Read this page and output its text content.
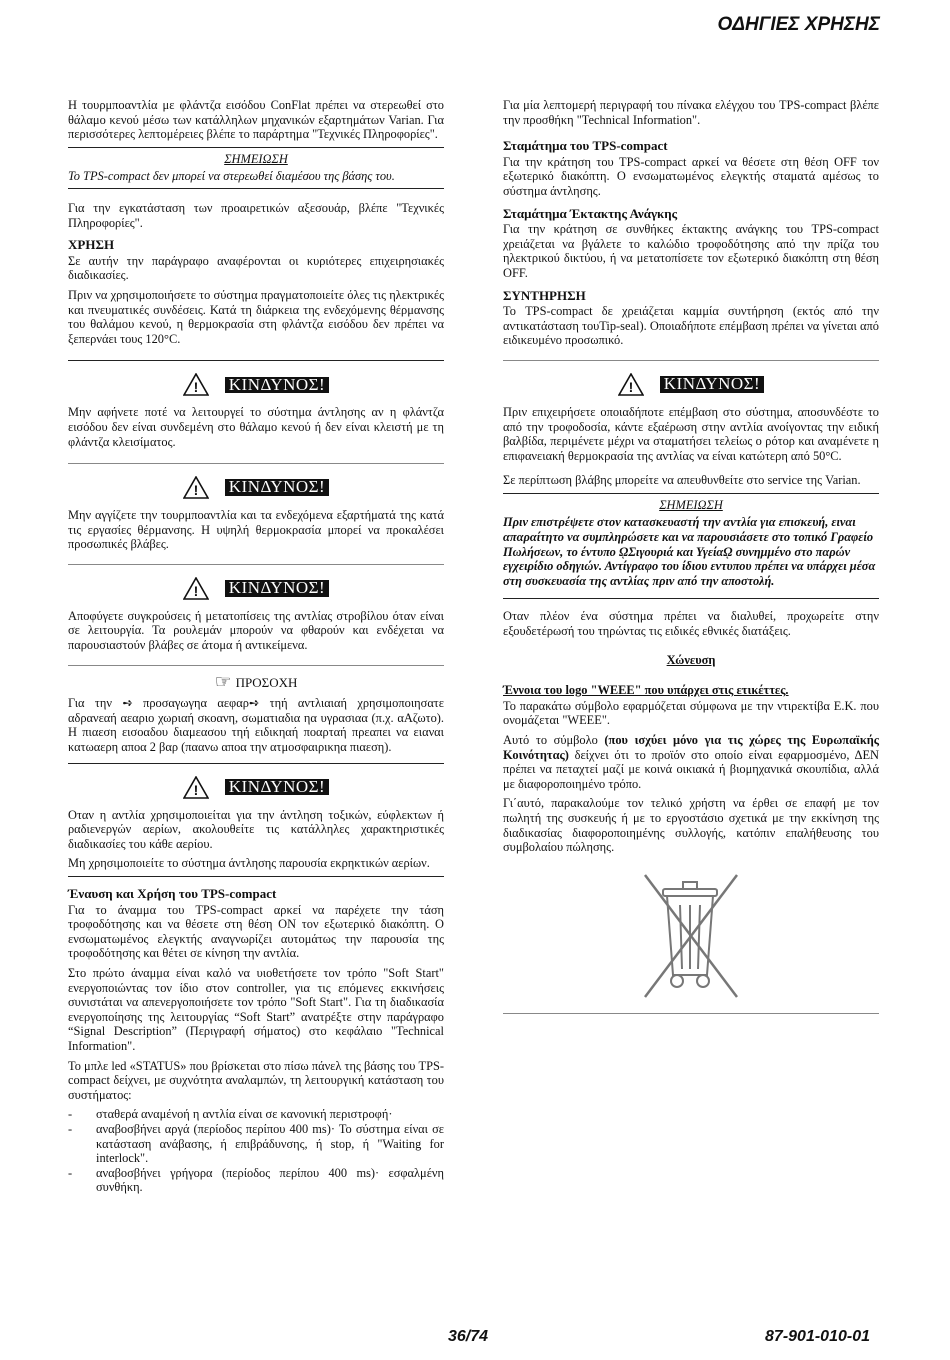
ΟΔΗΓΙΕΣ ΧΡΗΣΗΣ

Η τουρμποαντλία με φλάντζα εισόδου ConFlat πρέπει να στερεωθεί στο θάλαμο κενού μέσω των κατάλληλων μηχανικών εξαρτημάτων Varian. Για περισσότερες λεπτομέρειες βλέπε το παράρτημα "Τεχνικές Πληροφορίες".

ΣΗΜΕΙΩΣΗ
Το TPS-compact δεν μπορεί να στερεωθεί διαμέσου της βάσης του.

Για την εγκατάσταση των προαιρετικών αξεσουάρ, βλέπε "Τεχνικές Πληροφορίες".

ΧΡΗΣΗ

Σε αυτήν την παράγραφο αναφέρονται οι κυριότερες επιχειρησιακές διαδικασίες.

Πριν να χρησιμοποιήσετε το σύστημα πραγματοποιείτε όλες τις ηλεκτρικές και πνευματικές συνδέσεις. Κατά τη διάρκεια της ενδεχόμενης θέρμανσης του θαλάμου κενού, η θερμοκρασία στη φλάντζα εισόδου δεν πρέπει να ξεπερνάει τους 120°C.

! ΚΙΝΔΥΝΟΣ!

Μην αφήνετε ποτέ να λειτουργεί το σύστημα άντλησης αν η φλάντζα εισόδου δεν είναι συνδεμένη στο θάλαμο κενού ή δεν είναι κλειστή με τη φλάντζα κλεισίματος.

! ΚΙΝΔΥΝΟΣ!

Μην αγγίζετε την τουρμποαντλία και τα ενδεχόμενα εξαρτήματά της κατά τις εργασίες θέρμανσης. Η υψηλή θερμοκρασία μπορεί να προκαλέσει προσωπικές βλάβες.

! ΚΙΝΔΥΝΟΣ!

Αποφύγετε συγκρούσεις ή μετατοπίσεις της αντλίας στροβίλου όταν είναι σε λειτουργία. Τα ρουλεμάν μπορούν να φθαρούν και ενδέχεται να παρουσιαστούν βλάβες σε άτομα ή αντικείμενα.

☞ ΠΡΟΣΟΧΗ

Για την ➺ προσαγωγηα αεφαρ➺ τηή αντλιαιαή χρησιμοποιησατε αδρανεαή αεαριο χωριαή σκοανη, σωματιαδια ηα υγρασιαα (π.χ. αΑζωτο). Η πιαεση εισοαδου διαμεασου τηή ειδικηαή ποαρταή πρεαπει να ειαναι κατωαερη αποα 2 βαρ (παανω αποα την ατμοσφαιρικηα πιαεση).

! ΚΙΝΔΥΝΟΣ!

Οταν η αντλία χρησιμοποιείται για την άντληση τοξικών, εύφλεκτων ή ραδιενεργών αερίων, ακολουθείτε τις κατάλληλες χαρακτηριστικές διαδικασίες του κάθε αερίου.

Μη χρησιμοποιείτε το σύστημα άντλησης παρουσία εκρηκτικών αερίων.

Έναυση και Χρήση του TPS-compact

Για το άναμμα του TPS-compact αρκεί να παρέχετε την τάση τροφοδότησης και να θέσετε στη θέση ON τον εξωτερικό διακόπτη. Ο ενσωματωμένος ελεγκτής αναγνωρίζει αυτομάτως την παρουσία της τροφοδότησης και θέτει σε κίνηση την αντλία.

Στο πρώτο άναμμα είναι καλό να υιοθετήσετε τον τρόπο "Soft Start" ενεργοποιώντας τον ίδιο στον controller, για τις επόμενες εκκινήσεις συνιστάται να απενεργοποιήσετε τον τρόπο "Soft Start". Για τη διαδικασία ενεργοποίησης της λειτουργίας “Soft Start” ανατρέξτε στην παράγραφο “Signal Description” (Περιγραφή σήματος) στο κεφάλαιο "Technical Information".

Το μπλε led «STATUS» που βρίσκεται στο πίσω πάνελ της βάσης του TPS-compact δείχνει, με συχνότητα αναλαμπών, τη λειτουργική κατάσταση του συστήματος:

- σταθερά αναμένοή η αντλία είναι σε κανονική περιστροφή·
- αναβοσβήνει αργά (περίοδος περίπου 400 ms)· Το σύστημα είναι σε κατάσταση ανάβασης, ή επιβράδυνσης, ή stop, ή "Waiting for interlock".
- αναβοσβήνει γρήγορα (περίοδος περίπου 400 ms)· εσφαλμένη συνθήκη.

Για μία λεπτομερή περιγραφή του πίνακα ελέγχου του TPS-compact βλέπε την προσθήκη "Technical Information".

Σταμάτημα του TPS-compact

Για την κράτηση του TPS-compact αρκεί να θέσετε στη θέση OFF τον εξωτερικό διακόπτη. Ο ενσωματωμένος ελεγκτής σταματά αμέσως το σύστημα άντλησης.

Σταμάτημα Έκτακτης Ανάγκης

Για την κράτηση σε συνθήκες έκτακτης ανάγκης του TPS-compact χρειάζεται να βγάλετε το καλώδιο τροφοδότησης από την πρίζα του ηλεκτρικού δικτύου, ή να μετατοπίσετε τον εξωτερικό διακόπτη στη θέση OFF.

ΣΥΝΤΗΡΗΣΗ

Το TPS-compact δε χρειάζεται καμμία συντήρηση (εκτός από την αντικατάσταση τουTip-seal). Οποιαδήποτε επέμβαση πρέπει να γίνεται από ειδικευμένο προσωπικό.

! ΚΙΝΔΥΝΟΣ!

Πριν επιχειρήσετε οποιαδήποτε επέμβαση στο σύστημα, αποσυνδέστε το από την τροφοδοσία, κάντε εξαέρωση στην αντλία ανοίγοντας την ειδική βαλβίδα, περιμένετε μέχρι να σταματήσει τελείως ο ρότορ και αναμένετε η επιφανειακή θερμοκρασία της αντλίας να είναι κατώτερη από 50°C.

Σε περίπτωση βλάβης μπορείτε να απευθυνθείτε στο service της Varian.

ΣΗΜΕΙΩΣΗ
Πριν επιστρέψετε στον κατασκευαστή την αντλία για επισκευή, ειναι απαραίτητο να συμπληρώσετε και να παρουσιάσετε στο τοπικό Γραφείο Πωλήσεων, το έντυπο ῼΣιγουριά και Υγείαῼ συνημμένο στο παρών εγχειρίδιο οδηγιών. Αντίγραφο του ίδιου εντυπου πρέπει να υπάρχει μέσα στη συσκευασία της αντλίας πριν από την αποστολή.

Οταν πλέον ένα σύστημα πρέπει να διαλυθεί, προχωρείτε στην εξουδετέρωσή του τηρώντας τις ειδικές εθνικές διατάξεις.

Χώνευση
Έννοια του logo "WEEE" που υπάρχει στις ετικέττες.

Το παρακάτω σύμβολο εφαρμόζεται σύμφωνα με την ντιρεκτίβα Ε.Κ. που ονομάζεται "WEEE".

Αυτό το σύμβολο (που ισχύει μόνο για τις χώρες της Ευρωπαϊκής Κοινότητας) δείχνει ότι το προϊόν στο οποίο είναι εφαρμοσμένο, ΔΕΝ πρέπει να πεταχτεί μαζί με κοινά οικιακά ή βιομηχανικά σκουπίδια, αλλά με διαφοροποιημένο τρόπο.

Γι΄αυτό, παρακαλούμε τον τελικό χρήστη να έρθει σε επαφή με τον πωλητή της συσκευής ή με το εργοστάσιο σχετικά με την εκκίνηση της διαδικασίας διαφοροποιημένης συλλογής, κατόπιν επαλήθευσης του συμβολαίου πώλησης.

36/74	87-901-010-01
